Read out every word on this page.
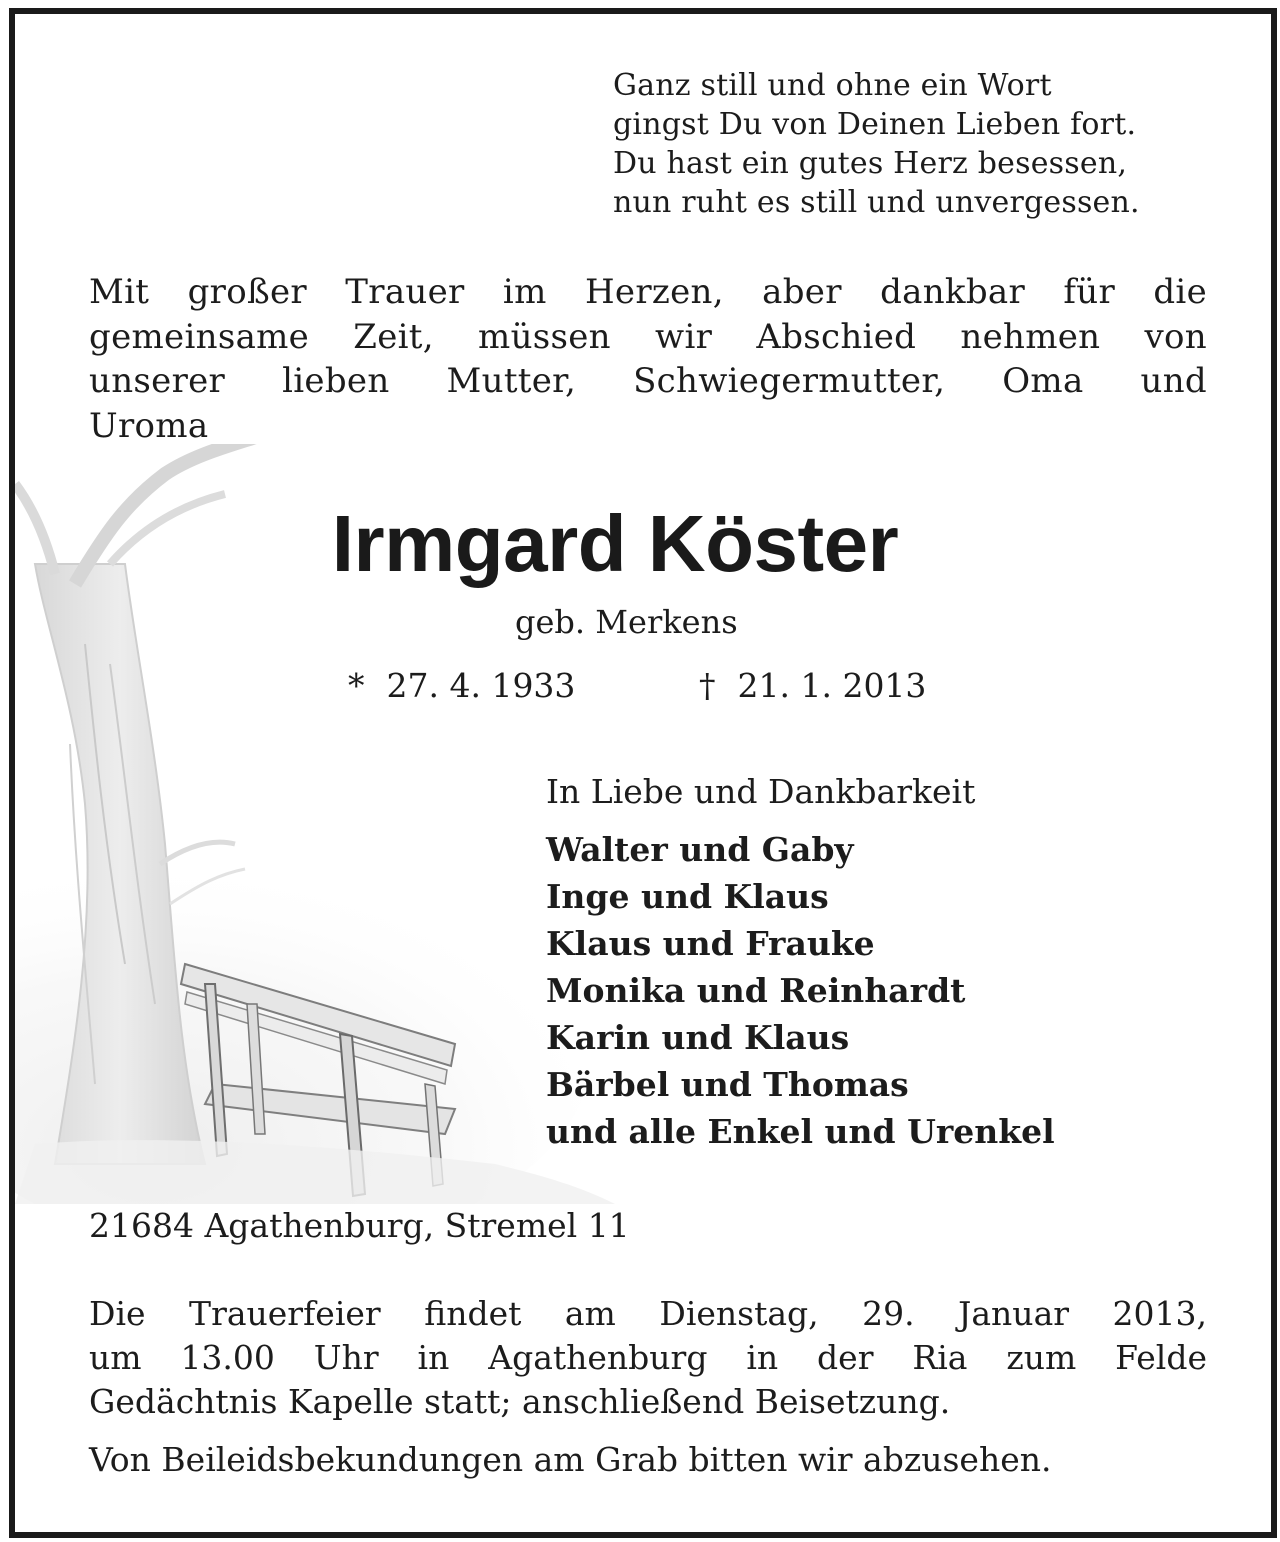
Ganz still und ohne ein Wort
gingst Du von Deinen Lieben fort.
Du hast ein gutes Herz besessen,
nun ruht es still und unvergessen.
Mit großer Trauer im Herzen, aber dankbar für die
gemeinsame Zeit, müssen wir Abschied nehmen von
unserer lieben Mutter, Schwiegermutter, Oma und
Uroma
Irmgard Köster
geb. Merkens
* 27. 4. 1933	† 21. 1. 2013
In Liebe und Dankbarkeit
Walter und Gaby
Inge und Klaus
Klaus und Frauke
Monika und Reinhardt
Karin und Klaus
Bärbel und Thomas
und alle Enkel und Urenkel
21684 Agathenburg, Stremel 11
Die Trauerfeier findet am Dienstag, 29. Januar 2013,
um 13.00 Uhr in Agathenburg in der Ria zum Felde
Gedächtnis Kapelle statt; anschließend Beisetzung.
Von Beileidsbekundungen am Grab bitten wir abzusehen.
